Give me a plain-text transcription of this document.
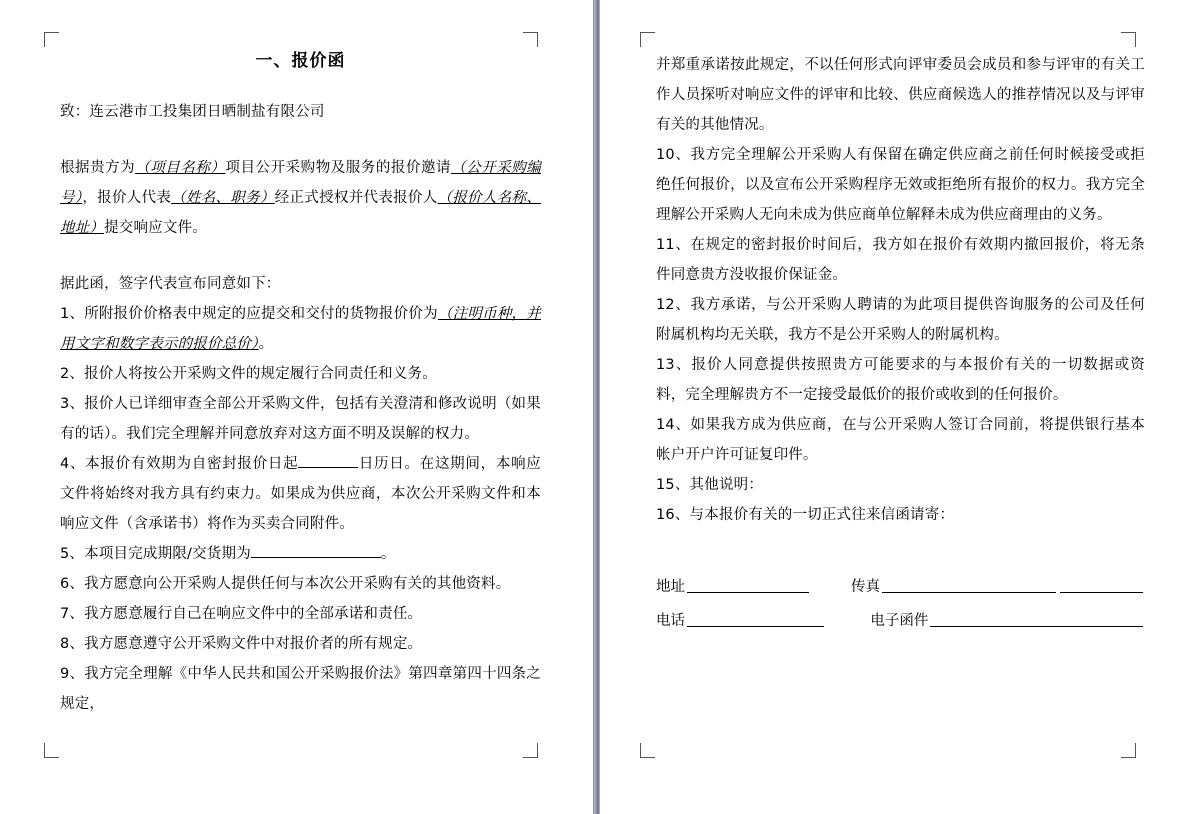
一、报价函

致：连云港市工投集团日晒制盐有限公司

根据贵方为（项目名称）项目公开采购物及服务的报价邀请（公开采购编号），报价人代表（姓名、职务）经正式授权并代表报价人（报价人名称、地址）提交响应文件。

据此函，签字代表宣布同意如下：

1、所附报价价格表中规定的应提交和交付的货物报价价为（注明币种，并用文字和数字表示的报价总价）。

2、报价人将按公开采购文件的规定履行合同责任和义务。

3、报价人已详细审查全部公开采购文件，包括有关澄清和修改说明（如果有的话）。我们完全理解并同意放弃对这方面不明及误解的权力。

4、本报价有效期为自密封报价日起	日历日。在这期间，本响应文件将始终对我方具有约束力。如果成为供应商，本次公开采购文件和本响应文件（含承诺书）将作为买卖合同附件。

5、本项目完成期限/交货期为	。

6、我方愿意向公开采购人提供任何与本次公开采购有关的其他资料。

7、我方愿意履行自己在响应文件中的全部承诺和责任。

8、我方愿意遵守公开采购文件中对报价者的所有规定。

9、我方完全理解《中华人民共和国公开采购报价法》第四章第四十四条之规定，

并郑重承诺按此规定，不以任何形式向评审委员会成员和参与评审的有关工作人员探听对响应文件的评审和比较、供应商候选人的推荐情况以及与评审有关的其他情况。

10、我方完全理解公开采购人有保留在确定供应商之前任何时候接受或拒绝任何报价，以及宣布公开采购程序无效或拒绝所有报价的权力。我方完全理解公开采购人无向未成为供应商单位解释未成为供应商理由的义务。

11、在规定的密封报价时间后，我方如在报价有效期内撤回报价，将无条件同意贵方没收报价保证金。

12、我方承诺，与公开采购人聘请的为此项目提供咨询服务的公司及任何附属机构均无关联，我方不是公开采购人的附属机构。

13、报价人同意提供按照贵方可能要求的与本报价有关的一切数据或资料，完全理解贵方不一定接受最低价的报价或收到的任何报价。

14、如果我方成为供应商，在与公开采购人签订合同前，将提供银行基本帐户开户许可证复印件。

15、其他说明：

16、与本报价有关的一切正式往来信函请寄：

地址	传真
电话	电子函件
